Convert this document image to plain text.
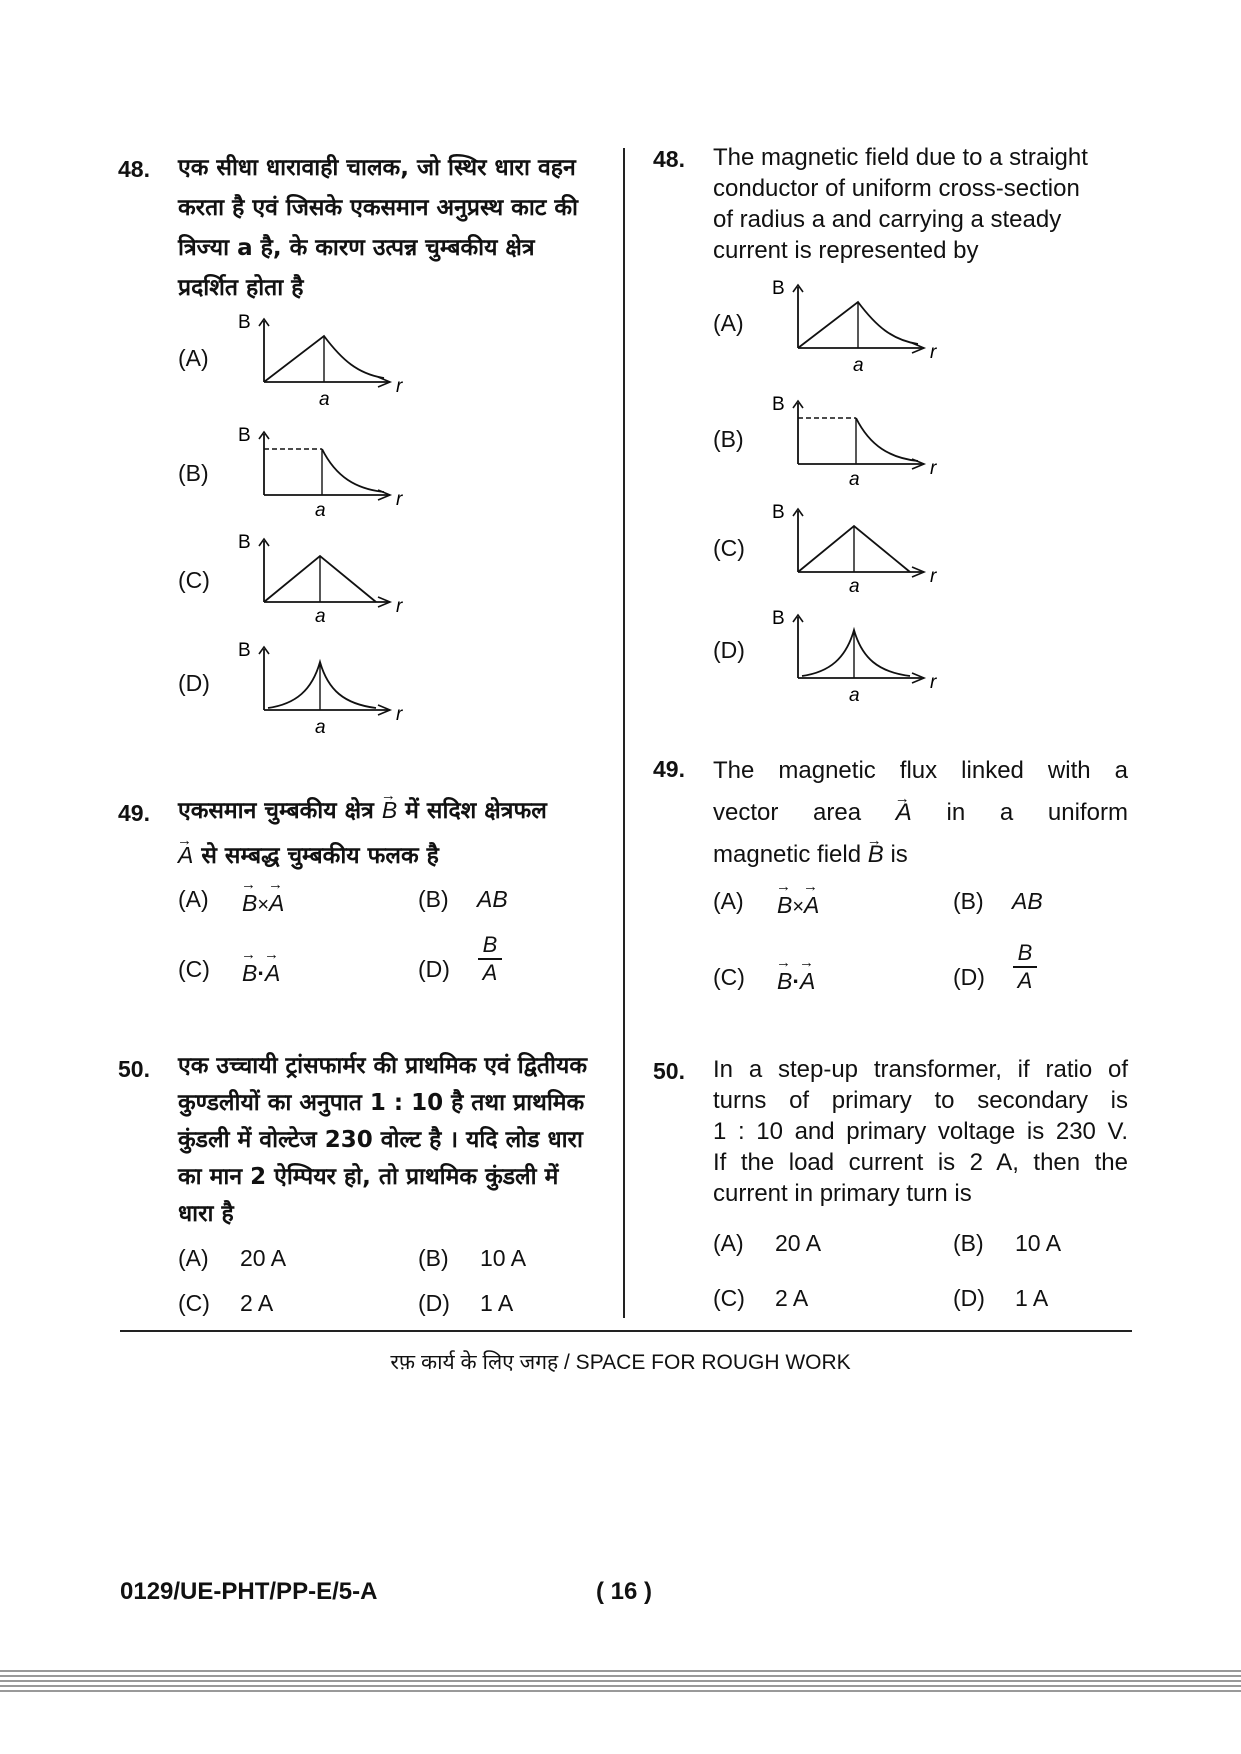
48. एक सीधा धारावाही चालक, जो स्थिर धारा वहन
करता है एवं जिसके एकसमान अनुप्रस्थ काट की
त्रिज्या a है, के कारण उत्पन्न चुम्बकीय क्षेत्र
प्रदर्शित होता है
(A)
B
r
a
(B)
B
r
a
(C)
B
r
a
(D)
B
r
a
49. एकसमान चुम्बकीय क्षेत्र → B में सदिश क्षेत्रफल
→ A से सम्बद्ध चुम्बकीय फलक है
(A) → B×→ A	(B) AB
(C) → B·→ A	$(D) \frac{B}{A}$
50. एक उच्चायी ट्रांसफार्मर की प्राथमिक एवं द्वितीयक
कुण्डलीयों का अनुपात 1 : 10 है तथा प्राथमिक
कुंडली में वोल्टेज 230 वोल्ट है । यदि लोड धारा
का मान 2 ऐम्पियर हो, तो प्राथमिक कुंडली में
धारा है
(A) 20 A	(B) 10 A
(C) 2 A	(D) 1 A
48. The magnetic field due to a straight
conductor of uniform cross-section
of radius a and carrying a steady
current is represented by
(A)
B
r
a
(B)
B
r
a
(C)
B
r
a
(D)
B
r
a
49. The magnetic flux linked with a
vector area → A in a uniform
magnetic field → B is
(A) → B×→ A	(B) AB
(C) → B·→ A	$(D) \frac{B}{A}$
50. In a step-up transformer, if ratio of
turns of primary to secondary is
1 : 10 and primary voltage is 230 V.
If the load current is 2 A, then the
current in primary turn is
(A) 20 A	(B) 10 A
(C) 2 A	(D) 1 A
रफ़ कार्य के लिए जगह / SPACE FOR ROUGH WORK
0129/UE-PHT/PP-E/5-A	( 16 )
